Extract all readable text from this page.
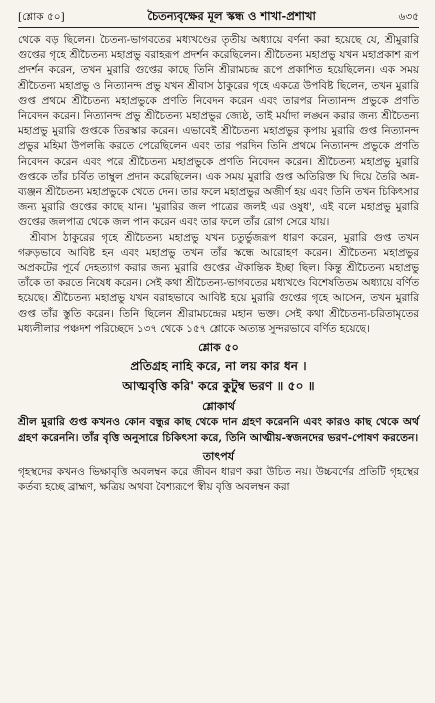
[শ্লোক ৫০]	চৈতন্যবৃক্ষের মূল স্কন্ধ ও শাখা-প্রশাখা	৬৩৫

থেকে বড় ছিলেন। চৈতন্য-ভাগবতের মধ্যখণ্ডের তৃতীয় অধ্যায়ে বর্ণনা করা হয়েছে যে, শ্রীমুরারি গুপ্তের গৃহে শ্রীচৈতন্য মহাপ্রভু বরাহরূপ প্রদর্শন করেছিলেন। শ্রীচৈতন্য মহাপ্রভু যখন মহাপ্রকাশ রূপ প্রদর্শন করেন, তখন মুরারি গুপ্তের কাছে তিনি শ্রীরামচন্দ্র রূপে প্রকাশিত হয়েছিলেন। এক সময় শ্রীচৈতন্য মহাপ্রভু ও নিত্যানন্দ প্রভু যখন শ্রীবাস ঠাকুরের গৃহে একত্রে উপবিষ্ট ছিলেন, তখন মুরারি গুপ্ত প্রথমে শ্রীচৈতন্য মহাপ্রভুকে প্রণতি নিবেদন করেন এবং তারপর নিত্যানন্দ প্রভুকে প্রণতি নিবেদন করেন। নিত্যানন্দ প্রভু শ্রীচৈতন্য মহাপ্রভুর জ্যেষ্ঠ, তাই মর্যাদা লঙ্ঘন করার জন্য শ্রীচৈতন্য মহাপ্রভু মুরারি গুপ্তকে তিরস্কার করেন। এভাবেই শ্রীচৈতন্য মহাপ্রভুর কৃপায় মুরারি গুপ্ত নিত্যানন্দ প্রভুর মহিমা উপলব্ধি করতে পেরেছিলেন এবং তার পরদিন তিনি প্রথমে নিত্যানন্দ প্রভুকে প্রণতি নিবেদন করেন এবং পরে শ্রীচৈতন্য মহাপ্রভুকে প্রণতি নিবেদন করেন। শ্রীচৈতন্য মহাপ্রভু মুরারি গুপ্তকে তাঁর চর্বিত তাম্বুল প্রদান করেছিলেন। এক সময় মুরারি গুপ্ত অতিরিক্ত ঘি দিয়ে তৈরি অন্ন-ব্যঞ্জন শ্রীচৈতন্য মহাপ্রভুকে খেতে দেন। তার ফলে মহাপ্রভুর অজীর্ণ হয় এবং তিনি তখন চিকিৎসার জন্য মুরারি গুপ্তের কাছে যান। 'মুরারির জল পাত্রের জলই এর ওষুধ', এই বলে মহাপ্রভু মুরারি গুপ্তের জলপাত্র থেকে জল পান করেন এবং তার ফলে তাঁর রোগ সেরে যায়।

শ্রীবাস ঠাকুরের গৃহে শ্রীচৈতন্য মহাপ্রভু যখন চতুর্ভুজরূপ ধারণ করেন, মুরারি গুপ্ত তখন গরুড়ভাবে আবিষ্ট হন এবং মহাপ্রভু তখন তাঁর স্কন্ধে আরোহণ করেন। শ্রীচৈতন্য মহাপ্রভুর অপ্রকটের পূর্বে দেহত্যাগ করার জন্য মুরারি গুপ্তের ঐকান্তিক ইচ্ছা ছিল। কিন্তু শ্রীচৈতন্য মহাপ্রভু তাঁকে তা করতে নিষেধ করেন। সেই কথা শ্রীচৈতন্য-ভাগবতের মধ্যখণ্ডে বিশেষতিতম অধ্যায়ে বর্ণিত হয়েছে। শ্রীচৈতন্য মহাপ্রভু যখন বরাহভাবে আবিষ্ট হয়ে মুরারি গুপ্তের গৃহে আসেন, তখন মুরারি গুপ্ত তাঁর স্তুতি করেন। তিনি ছিলেন শ্রীরামচন্দ্রের মহান ভক্ত। সেই কথা শ্রীচৈতন্য-চরিতামৃতের মধ্যলীলার পঞ্চদশ পরিচ্ছেদে ১৩৭ থেকে ১৫৭ শ্লোকে অত্যন্ত সুন্দরভাবে বর্ণিত হয়েছে।

শ্লোক ৫০
প্রতিগ্রহ নাহি করে, না লয় কার ধন ।
আত্মবৃত্তি করি' করে কুটুম্ব ভরণ ॥ ৫০ ॥
শ্লোকার্থ

শ্রীল মুরারি গুপ্ত কখনও কোন বন্ধুর কাছ থেকে দান গ্রহণ করেননি এবং কারও কাছ থেকে অর্থ গ্রহণ করেননি। তাঁর বৃত্তি অনুসারে চিকিৎসা করে, তিনি আত্মীয়-স্বজনদের ভরণ-পোষণ করতেন।

তাৎপর্য

গৃহস্থদের কখনও ভিক্ষাবৃত্তি অবলম্বন করে জীবন ধারণ করা উচিত নয়। উচ্চবর্ণের প্রতিটি গৃহস্থের কর্তব্য হচ্ছে ব্রাহ্মণ, ক্ষত্রিয় অথবা বৈশ্যরূপে স্বীয় বৃত্তি অবলম্বন করা
